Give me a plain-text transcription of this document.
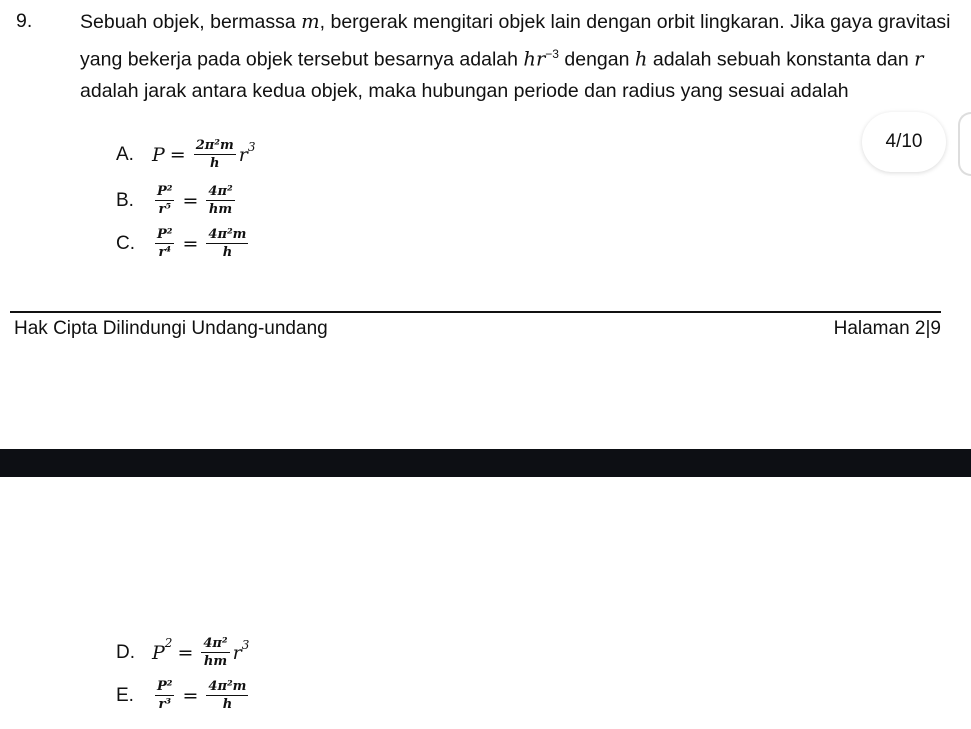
9. Sebuah objek, bermassa m, bergerak mengitari objek lain dengan orbit lingkaran. Jika gaya gravitasi yang bekerja pada objek tersebut besarnya adalah $hr^{-3}$ dengan h adalah sebuah konstanta dan r adalah jarak antara kedua objek, maka hubungan periode dan radius yang sesuai adalah
A. $P = \frac{\text{2π²m}}{h} r^3$
B.	$\frac{\text{P²}}{\text{r⁵}} = \frac{\text{4π²}}{hm}$
C.	$\frac{\text{P²}}{\text{r⁴}} = \frac{\text{4π²m}}{h}$
4/10
Hak Cipta Dilindungi Undang-undang	Halaman 2|9
D. $P^2 = \frac{\text{4π²}}{hm} r^3$
E.	$\frac{\text{P²}}{\text{r³}} = \frac{\text{4π²m}}{h}$
